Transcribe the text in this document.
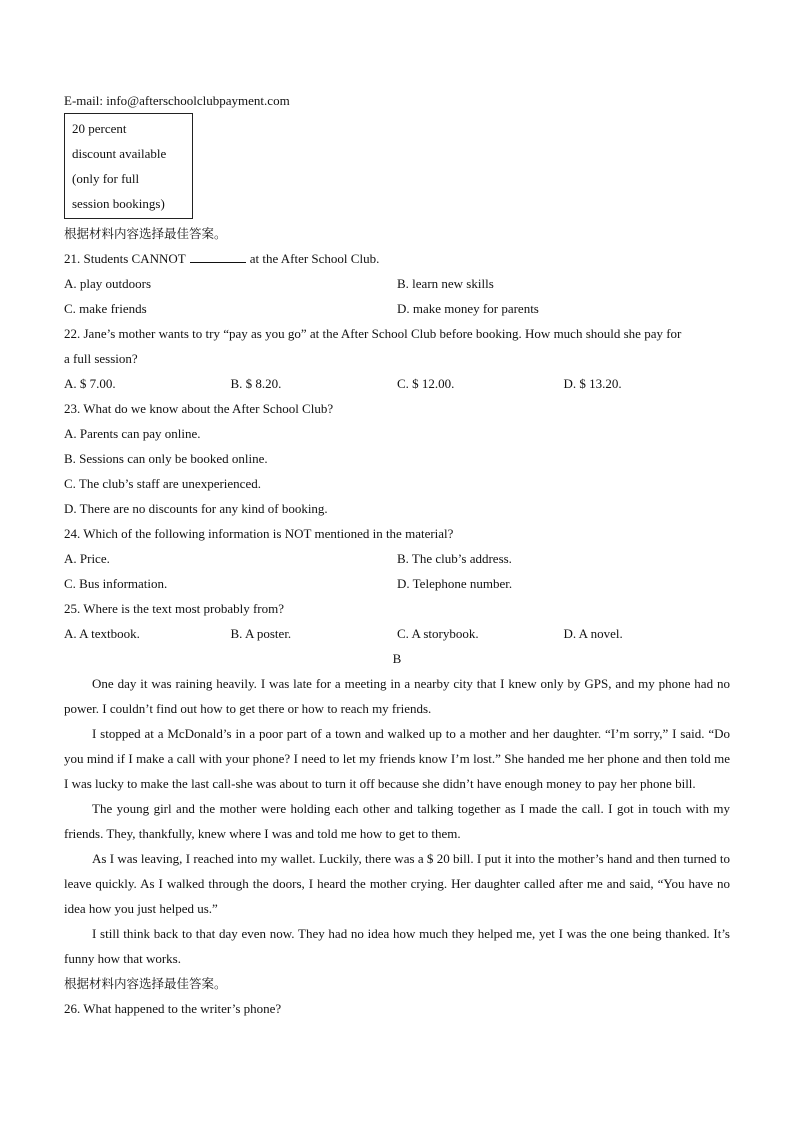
E-mail: info@afterschoolclubpayment.com
20 percent
discount available
(only for full
session bookings)
根据材料内容选择最佳答案。
21. Students CANNOT	at the After School Club.
A. play outdoors	B. learn new skills
C. make friends	D. make money for parents
22. Jane’s mother wants to try “pay as you go” at the After School Club before booking. How much should she pay for
a full session?
A. $ 7.00.	B. $ 8.20.	C. $ 12.00.	D. $ 13.20.
23. What do we know about the After School Club?
A. Parents can pay online.
B. Sessions can only be booked online.
C. The club’s staff are unexperienced.
D. There are no discounts for any kind of booking.
24. Which of the following information is NOT mentioned in the material?
A. Price.	B. The club’s address.
C. Bus information.	D. Telephone number.
25. Where is the text most probably from?
A. A textbook.	B. A poster.	C. A storybook.	D. A novel.
B

One day it was raining heavily. I was late for a meeting in a nearby city that I knew only by GPS, and my phone had no power. I couldn’t find out how to get there or how to reach my friends.

I stopped at a McDonald’s in a poor part of a town and walked up to a mother and her daughter. “I’m sorry,” I said. “Do you mind if I make a call with your phone? I need to let my friends know I’m lost.” She handed me her phone and then told me I was lucky to make the last call-she was about to turn it off because she didn’t have enough money to pay her phone bill.

The young girl and the mother were holding each other and talking together as I made the call. I got in touch with my friends. They, thankfully, knew where I was and told me how to get to them.

As I was leaving, I reached into my wallet. Luckily, there was a $ 20 bill. I put it into the mother’s hand and then turned to leave quickly. As I walked through the doors, I heard the mother crying. Her daughter called after me and said, “You have no idea how you just helped us.”

I still think back to that day even now. They had no idea how much they helped me, yet I was the one being thanked. It’s funny how that works.

根据材料内容选择最佳答案。
26. What happened to the writer’s phone?
